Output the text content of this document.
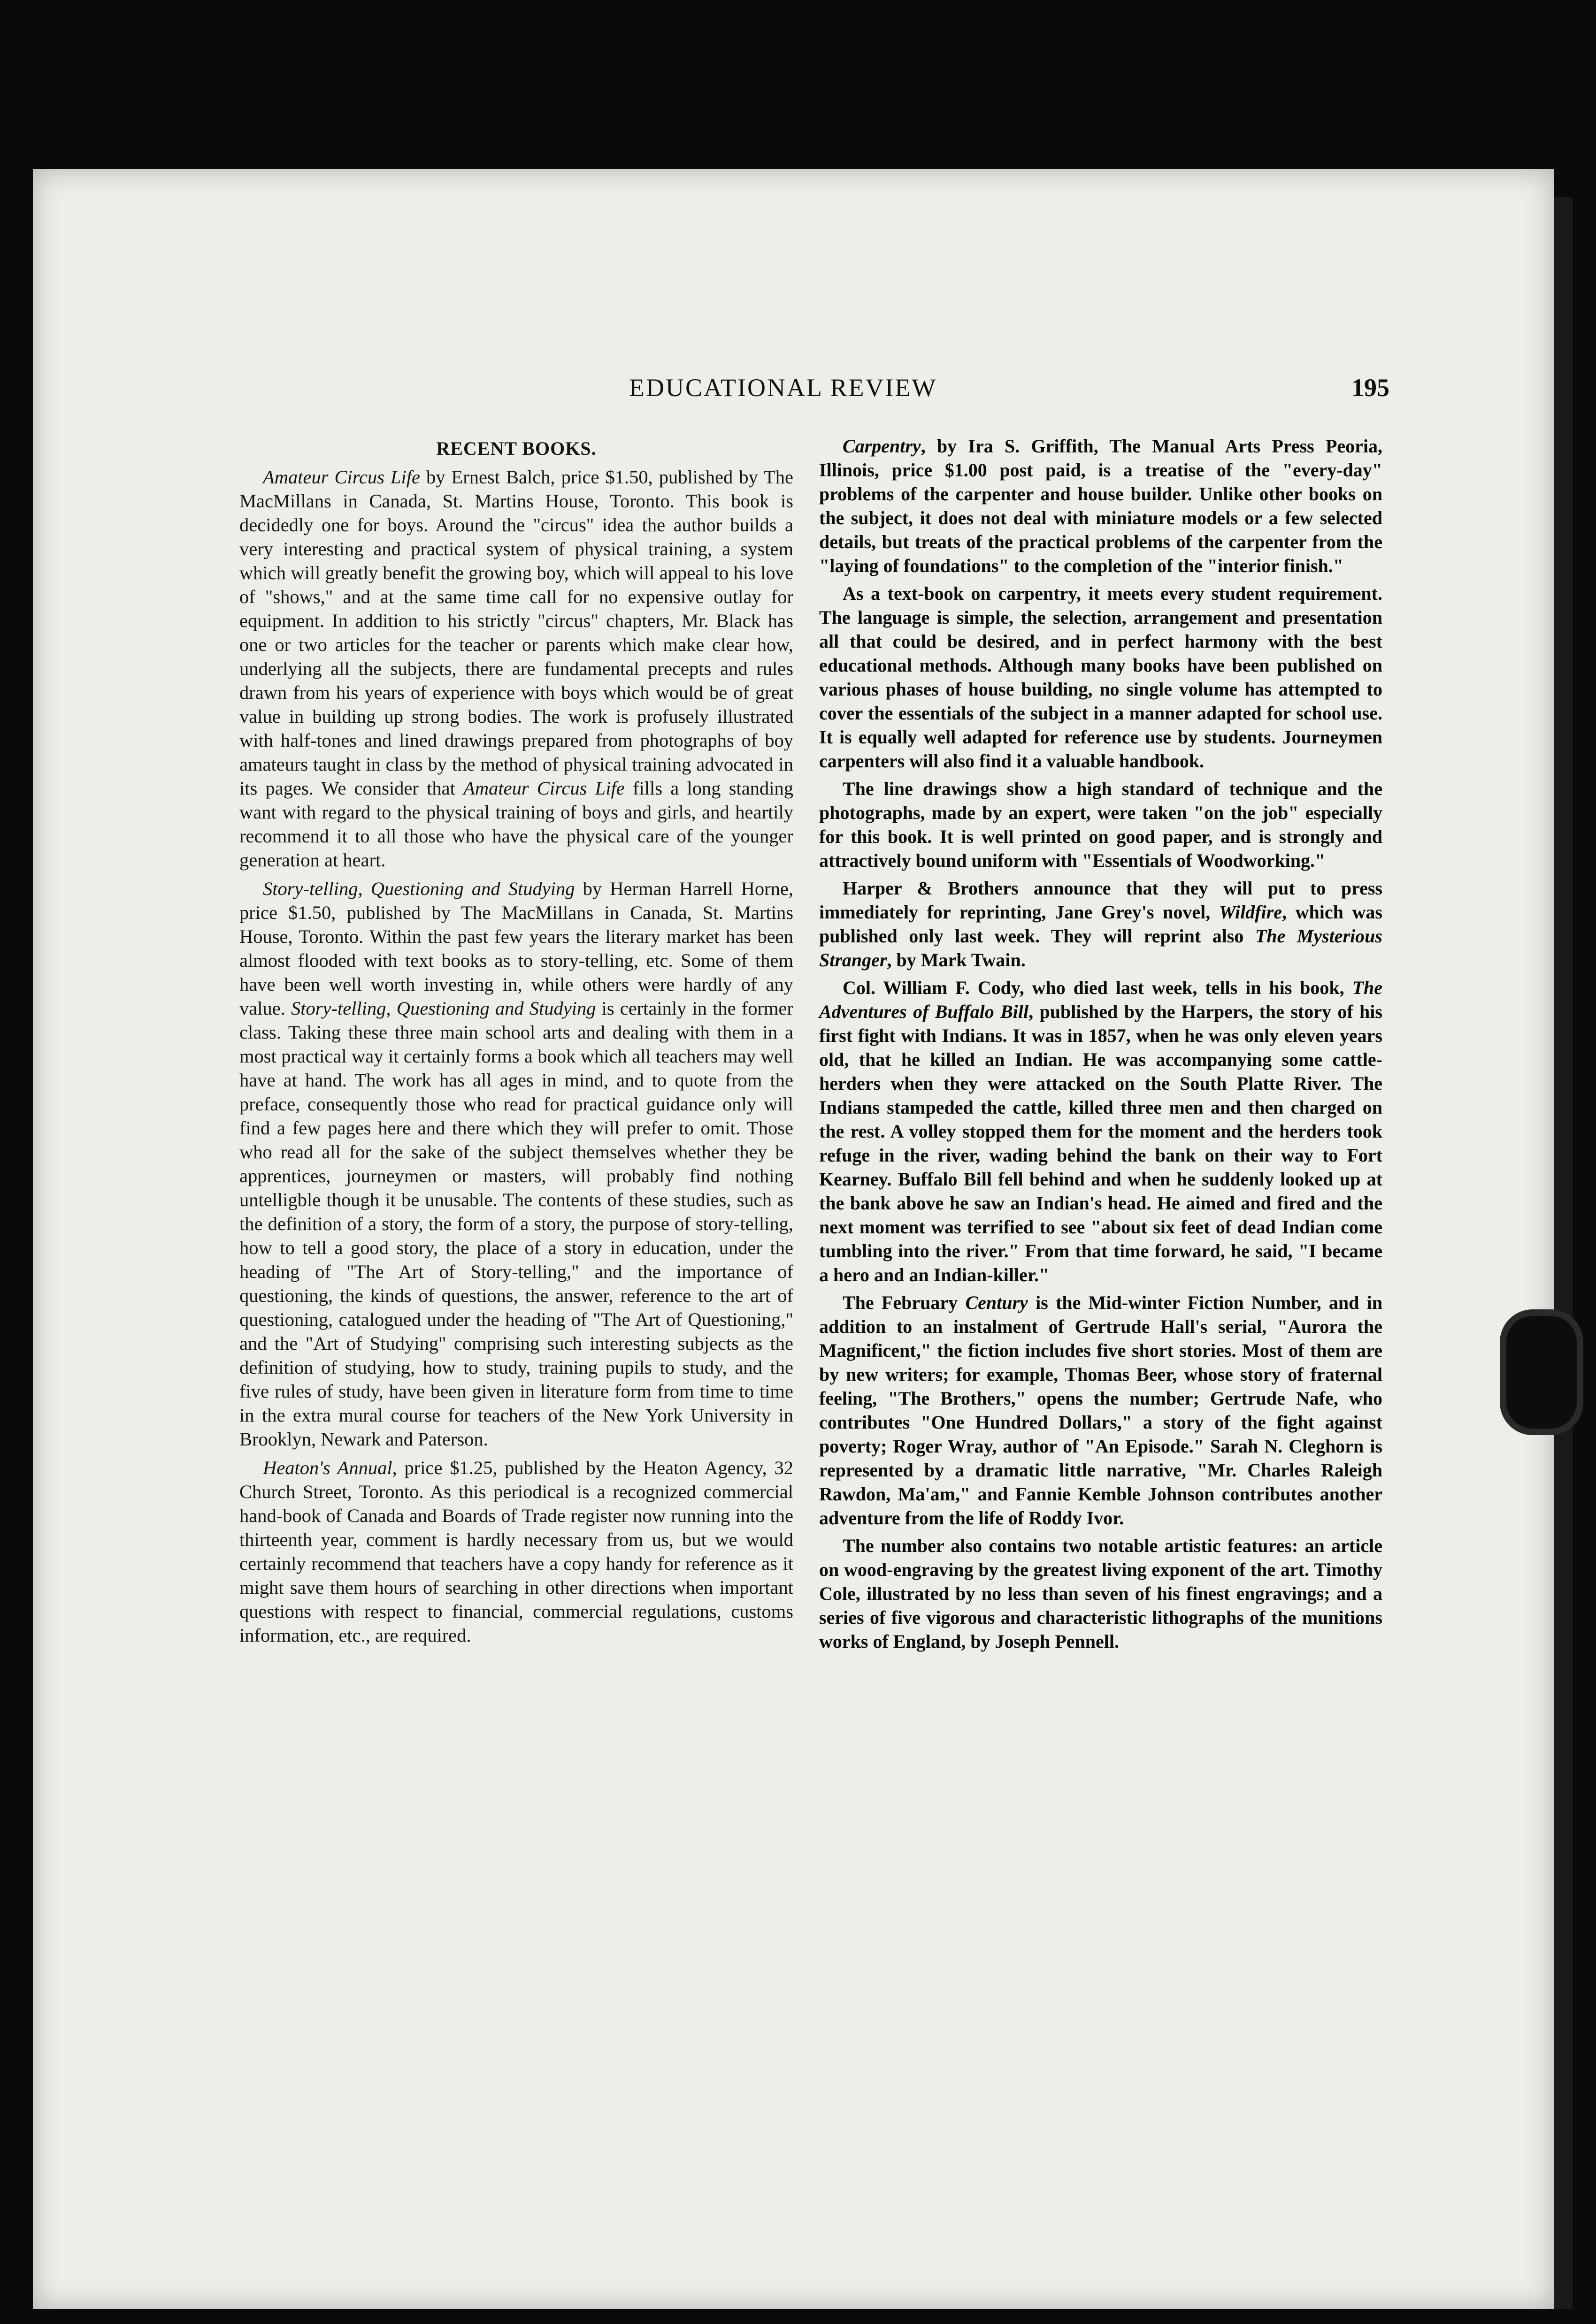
EDUCATIONAL REVIEW	195
RECENT BOOKS.

Amateur Circus Life by Ernest Balch, price $1.50, published by The MacMillans in Canada, St. Martins House, Toronto. This book is decidedly one for boys. Around the "circus" idea the author builds a very interesting and practical system of physical training, a system which will greatly benefit the growing boy, which will appeal to his love of "shows," and at the same time call for no expensive outlay for equipment. In addition to his strictly "circus" chapters, Mr. Black has one or two articles for the teacher or parents which make clear how, underlying all the subjects, there are fundamental precepts and rules drawn from his years of experience with boys which would be of great value in building up strong bodies. The work is profusely illustrated with half-tones and lined drawings prepared from photographs of boy amateurs taught in class by the method of physical training advocated in its pages. We consider that Amateur Circus Life fills a long standing want with regard to the physical training of boys and girls, and heartily recommend it to all those who have the physical care of the younger generation at heart.

Story-telling, Questioning and Studying by Herman Harrell Horne, price $1.50, published by The MacMillans in Canada, St. Martins House, Toronto. Within the past few years the literary market has been almost flooded with text books as to story-telling, etc. Some of them have been well worth investing in, while others were hardly of any value. Story-telling, Questioning and Studying is certainly in the former class. Taking these three main school arts and dealing with them in a most practical way it certainly forms a book which all teachers may well have at hand. The work has all ages in mind, and to quote from the preface, consequently those who read for practical guidance only will find a few pages here and there which they will prefer to omit. Those who read all for the sake of the subject themselves whether they be apprentices, journeymen or masters, will probably find nothing untelligble though it be unusable. The contents of these studies, such as the definition of a story, the form of a story, the purpose of story-telling, how to tell a good story, the place of a story in education, under the heading of "The Art of Story-telling," and the importance of questioning, the kinds of questions, the answer, reference to the art of questioning, catalogued under the heading of "The Art of Questioning," and the "Art of Studying" comprising such interesting subjects as the definition of studying, how to study, training pupils to study, and the five rules of study, have been given in literature form from time to time in the extra mural course for teachers of the New York University in Brooklyn, Newark and Paterson.

Heaton's Annual, price $1.25, published by the Heaton Agency, 32 Church Street, Toronto. As this periodical is a recognized commercial hand-book of Canada and Boards of Trade register now running into the thirteenth year, comment is hardly necessary from us, but we would certainly recommend that teachers have a copy handy for reference as it might save them hours of searching in other directions when important questions with respect to financial, commercial regulations, customs information, etc., are required.

Carpentry, by Ira S. Griffith, The Manual Arts Press Peoria, Illinois, price $1.00 post paid, is a treatise of the "every-day" problems of the carpenter and house builder. Unlike other books on the subject, it does not deal with miniature models or a few selected details, but treats of the practical problems of the carpenter from the "laying of foundations" to the completion of the "interior finish."

As a text-book on carpentry, it meets every student requirement. The language is simple, the selection, arrangement and presentation all that could be desired, and in perfect harmony with the best educational methods. Although many books have been published on various phases of house building, no single volume has attempted to cover the essentials of the subject in a manner adapted for school use. It is equally well adapted for reference use by students. Journeymen carpenters will also find it a valuable handbook.

The line drawings show a high standard of technique and the photographs, made by an expert, were taken "on the job" especially for this book. It is well printed on good paper, and is strongly and attractively bound uniform with "Essentials of Woodworking."

Harper & Brothers announce that they will put to press immediately for reprinting, Jane Grey's novel, Wildfire, which was published only last week. They will reprint also The Mysterious Stranger, by Mark Twain.

Col. William F. Cody, who died last week, tells in his book, The Adventures of Buffalo Bill, published by the Harpers, the story of his first fight with Indians. It was in 1857, when he was only eleven years old, that he killed an Indian. He was accompanying some cattle-herders when they were attacked on the South Platte River. The Indians stampeded the cattle, killed three men and then charged on the rest. A volley stopped them for the moment and the herders took refuge in the river, wading behind the bank on their way to Fort Kearney. Buffalo Bill fell behind and when he suddenly looked up at the bank above he saw an Indian's head. He aimed and fired and the next moment was terrified to see "about six feet of dead Indian come tumbling into the river." From that time forward, he said, "I became a hero and an Indian-killer."

The February Century is the Mid-winter Fiction Number, and in addition to an instalment of Gertrude Hall's serial, "Aurora the Magnificent," the fiction includes five short stories. Most of them are by new writers; for example, Thomas Beer, whose story of fraternal feeling, "The Brothers," opens the number; Gertrude Nafe, who contributes "One Hundred Dollars," a story of the fight against poverty; Roger Wray, author of "An Episode." Sarah N. Cleghorn is represented by a dramatic little narrative, "Mr. Charles Raleigh Rawdon, Ma'am," and Fannie Kemble Johnson contributes another adventure from the life of Roddy Ivor.

The number also contains two notable artistic features: an article on wood-engraving by the greatest living exponent of the art. Timothy Cole, illustrated by no less than seven of his finest engravings; and a series of five vigorous and characteristic lithographs of the munitions works of England, by Joseph Pennell.
